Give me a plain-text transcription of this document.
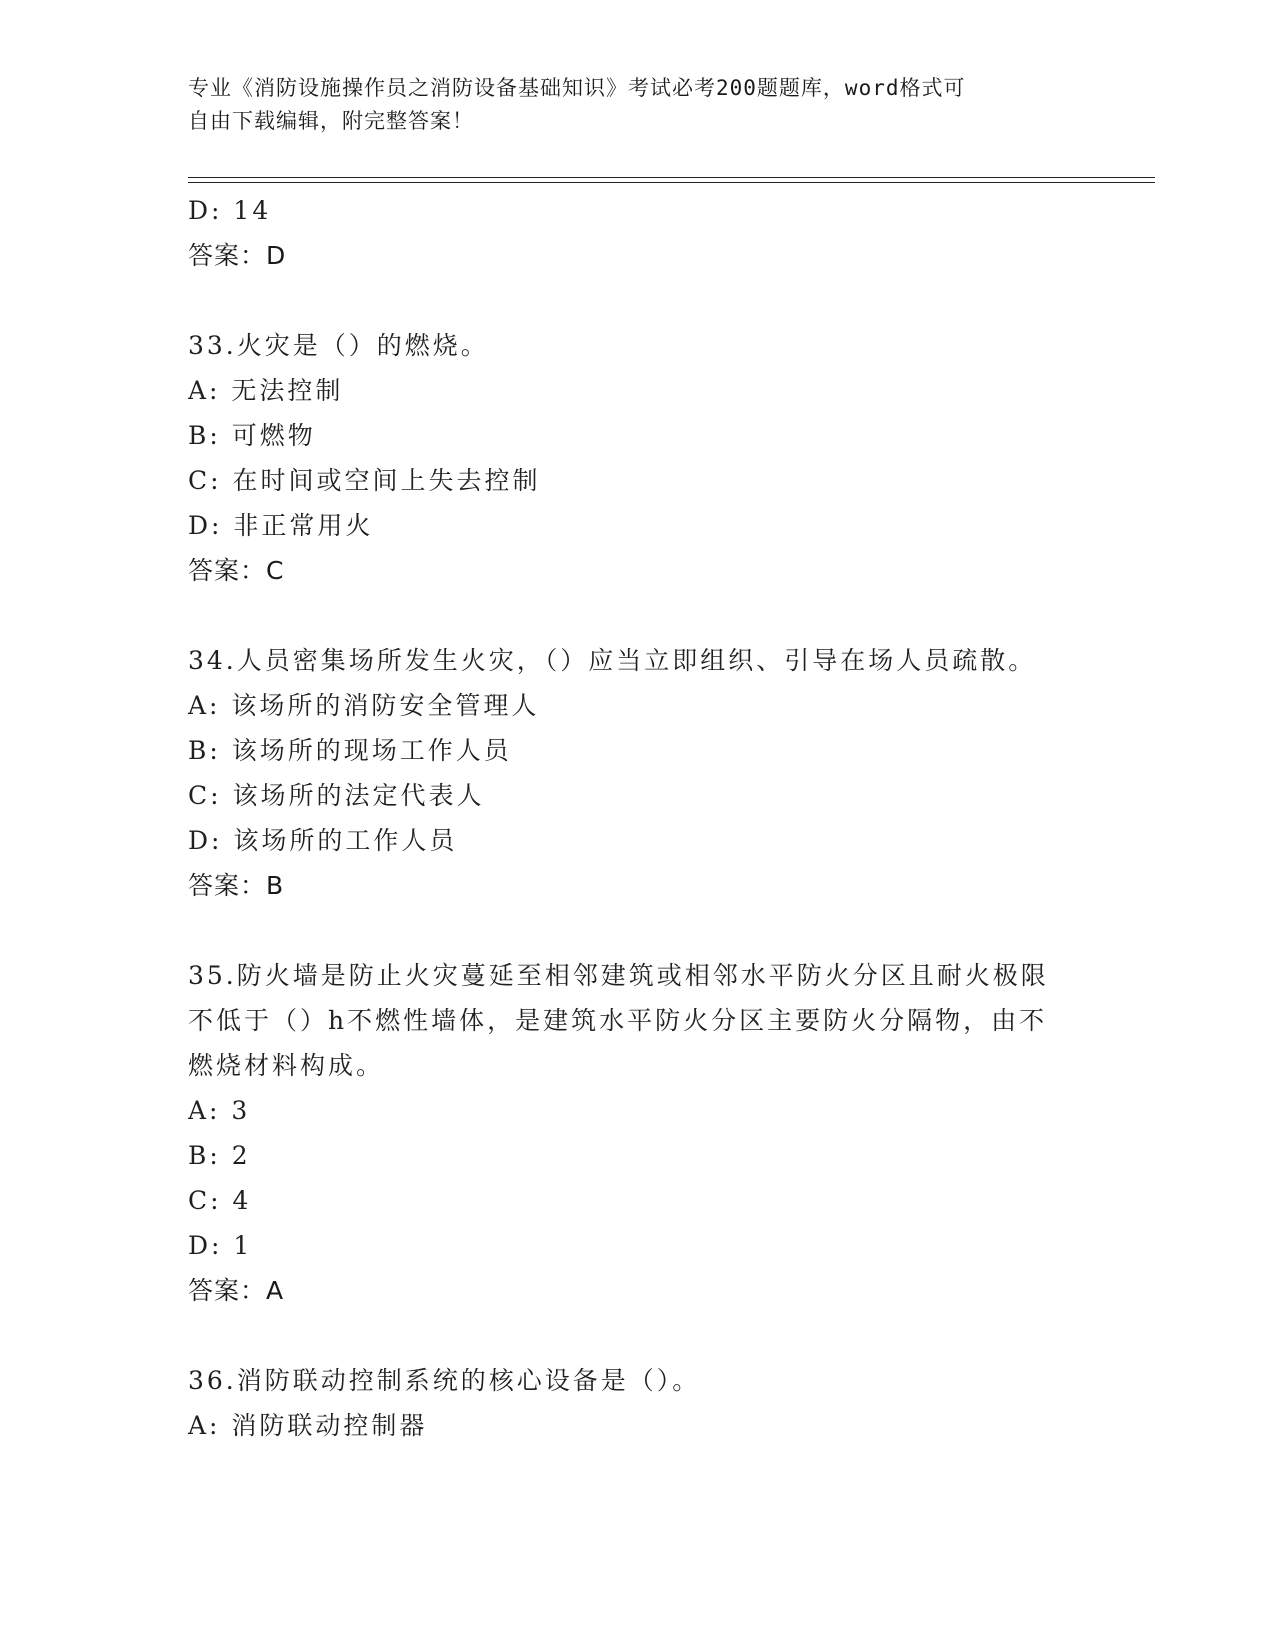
专业《消防设施操作员之消防设备基础知识》考试必考200题题库，word格式可
自由下载编辑，附完整答案！
D: 14
答案：D
33.火灾是（）的燃烧。
A: 无法控制
B: 可燃物
C: 在时间或空间上失去控制
D: 非正常用火
答案：C
34.人员密集场所发生火灾，（）应当立即组织、引导在场人员疏散。
A: 该场所的消防安全管理人
B: 该场所的现场工作人员
C: 该场所的法定代表人
D: 该场所的工作人员
答案：B
35.防火墙是防止火灾蔓延至相邻建筑或相邻水平防火分区且耐火极限
不低于（）h不燃性墙体，是建筑水平防火分区主要防火分隔物，由不
燃烧材料构成。
A: 3
B: 2
C: 4
D: 1
答案：A
36.消防联动控制系统的核心设备是（）。
A: 消防联动控制器
